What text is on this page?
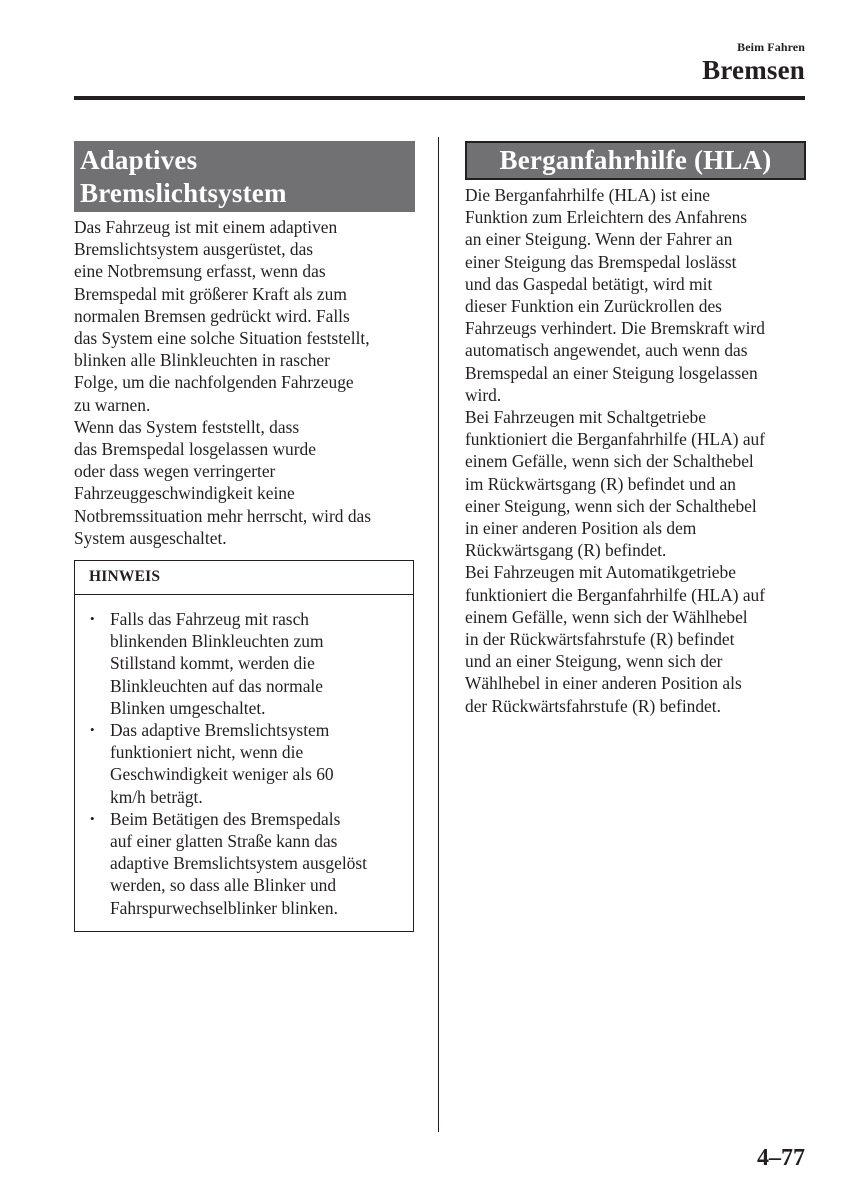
Beim Fahren
Bremsen
Adaptives
Bremslichtsystem

Das Fahrzeug ist mit einem adaptiven

Bremslichtsystem ausgerüstet, das

eine Notbremsung erfasst, wenn das

Bremspedal mit größerer Kraft als zum

normalen Bremsen gedrückt wird. Falls

das System eine solche Situation feststellt,

blinken alle Blinkleuchten in rascher

Folge, um die nachfolgenden Fahrzeuge

zu warnen.

Wenn das System feststellt, dass

das Bremspedal losgelassen wurde

oder dass wegen verringerter

Fahrzeuggeschwindigkeit keine

Notbremssituation mehr herrscht, wird das

System ausgeschaltet.

HINWEIS
• Falls das Fahrzeug mit rasch
blinkenden Blinkleuchten zum
Stillstand kommt, werden die
Blinkleuchten auf das normale
Blinken umgeschaltet.
• Das adaptive Bremslichtsystem
funktioniert nicht, wenn die
Geschwindigkeit weniger als 60
km/h beträgt.
• Beim Betätigen des Bremspedals
auf einer glatten Straße kann das
adaptive Bremslichtsystem ausgelöst
werden, so dass alle Blinker und
Fahrspurwechselblinker blinken.
Berganfahrhilfe (HLA)

Die Berganfahrhilfe (HLA) ist eine

Funktion zum Erleichtern des Anfahrens

an einer Steigung. Wenn der Fahrer an

einer Steigung das Bremspedal loslässt

und das Gaspedal betätigt, wird mit

dieser Funktion ein Zurückrollen des

Fahrzeugs verhindert. Die Bremskraft wird

automatisch angewendet, auch wenn das

Bremspedal an einer Steigung losgelassen

wird.

Bei Fahrzeugen mit Schaltgetriebe

funktioniert die Berganfahrhilfe (HLA) auf

einem Gefälle, wenn sich der Schalthebel

im Rückwärtsgang (R) befindet und an

einer Steigung, wenn sich der Schalthebel

in einer anderen Position als dem

Rückwärtsgang (R) befindet.

Bei Fahrzeugen mit Automatikgetriebe

funktioniert die Berganfahrhilfe (HLA) auf

einem Gefälle, wenn sich der Wählhebel

in der Rückwärtsfahrstufe (R) befindet

und an einer Steigung, wenn sich der

Wählhebel in einer anderen Position als

der Rückwärtsfahrstufe (R) befindet.

4–77
